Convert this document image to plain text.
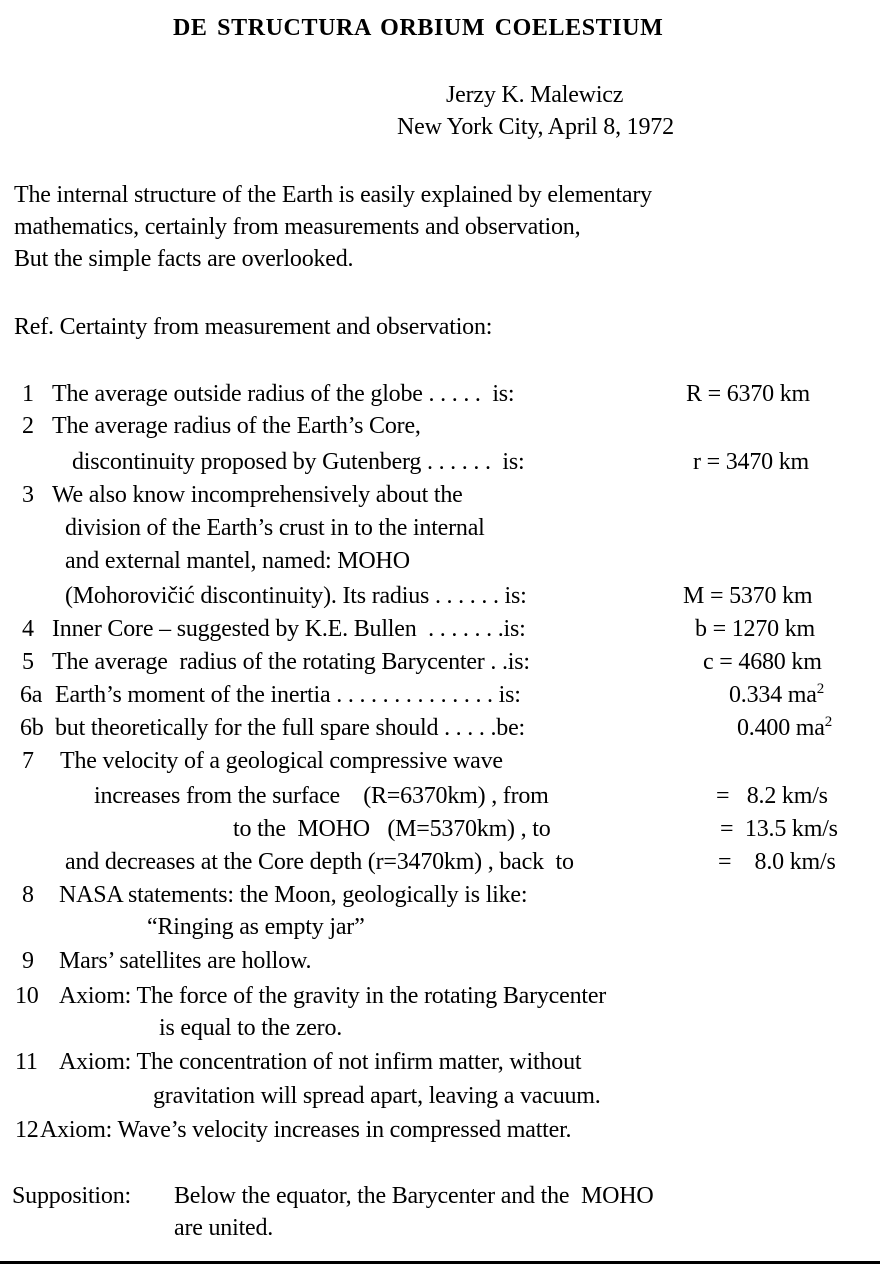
DE STRUCTURA ORBIUM COELESTIUM
Jerzy K. Malewicz
New York City, April 8, 1972
The internal structure of the Earth is easily explained by elementary
mathematics, certainly from measurements and observation,
But the simple facts are overlooked.
Ref. Certainty from measurement and observation:
1 The average outside radius of the globe . . . . .  is:	R = 6370 km
2 The average radius of the Earth’s Core,
discontinuity proposed by Gutenberg . . . . . .  is:	r = 3470 km
3 We also know incomprehensively about the
division of the Earth’s crust in to the internal
and external mantel, named: MOHO
(Mohorovičić discontinuity). Its radius . . . . . . is:	M = 5370 km
4 Inner Core – suggested by K.E. Bullen  . . . . . . .is:	b = 1270 km
5 The average  radius of the rotating Barycenter . .is:	c = 4680 km
6a Earth’s moment of the inertia . . . . . . . . . . . . . . is:	0.334 $ma^2$
6b but theoretically for the full spare should . . . . .be:	0.400 $ma^2$
7 The velocity of a geological compressive wave
increases from the surface    (R=6370km) , from	=   8.2 km/s
to the  MOHO   (M=5370km) , to	=  13.5 km/s
and decreases at the Core depth (r=3470km) , back  to	=    8.0 km/s
8 NASA statements: the Moon, geologically is like:
“Ringing as empty jar”
9 Mars’ satellites are hollow.
10 Axiom: The force of the gravity in the rotating Barycenter
is equal to the zero.
11 Axiom: The concentration of not infirm matter, without
gravitation will spread apart, leaving a vacuum.
12 Axiom: Wave’s velocity increases in compressed matter.
Supposition: Below the equator, the Barycenter and the  MOHO
are united.
